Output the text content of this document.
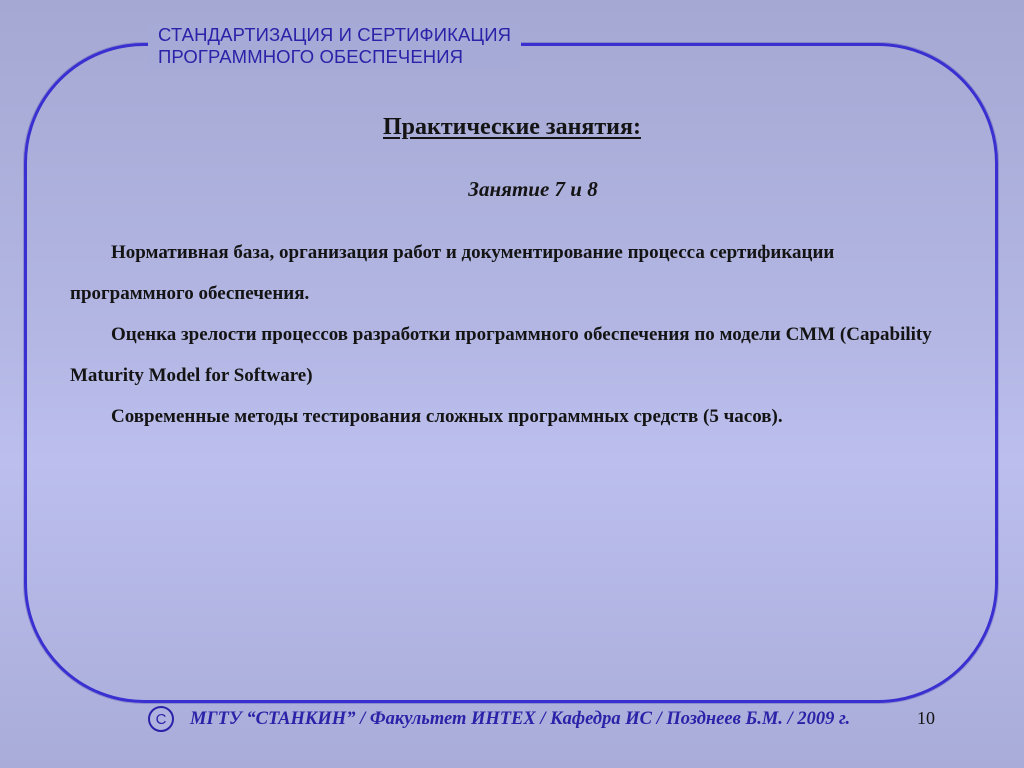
СТАНДАРТИЗАЦИЯ И СЕРТИФИКАЦИЯ
ПРОГРАММНОГО ОБЕСПЕЧЕНИЯ
Практические занятия:
Занятие 7 и 8

Нормативная база, организация работ и документирование процесса сертификации программного обеспечения.

Оценка зрелости процессов разработки программного обеспечения по модели CMM (Capability Maturity Model for Software)

Современные методы тестирования сложных программных средств (5 часов).

C	МГТУ “СТАНКИН” / Факультет ИНТЕХ / Кафедра ИС / Позднеев Б.М. / 2009 г.	10
